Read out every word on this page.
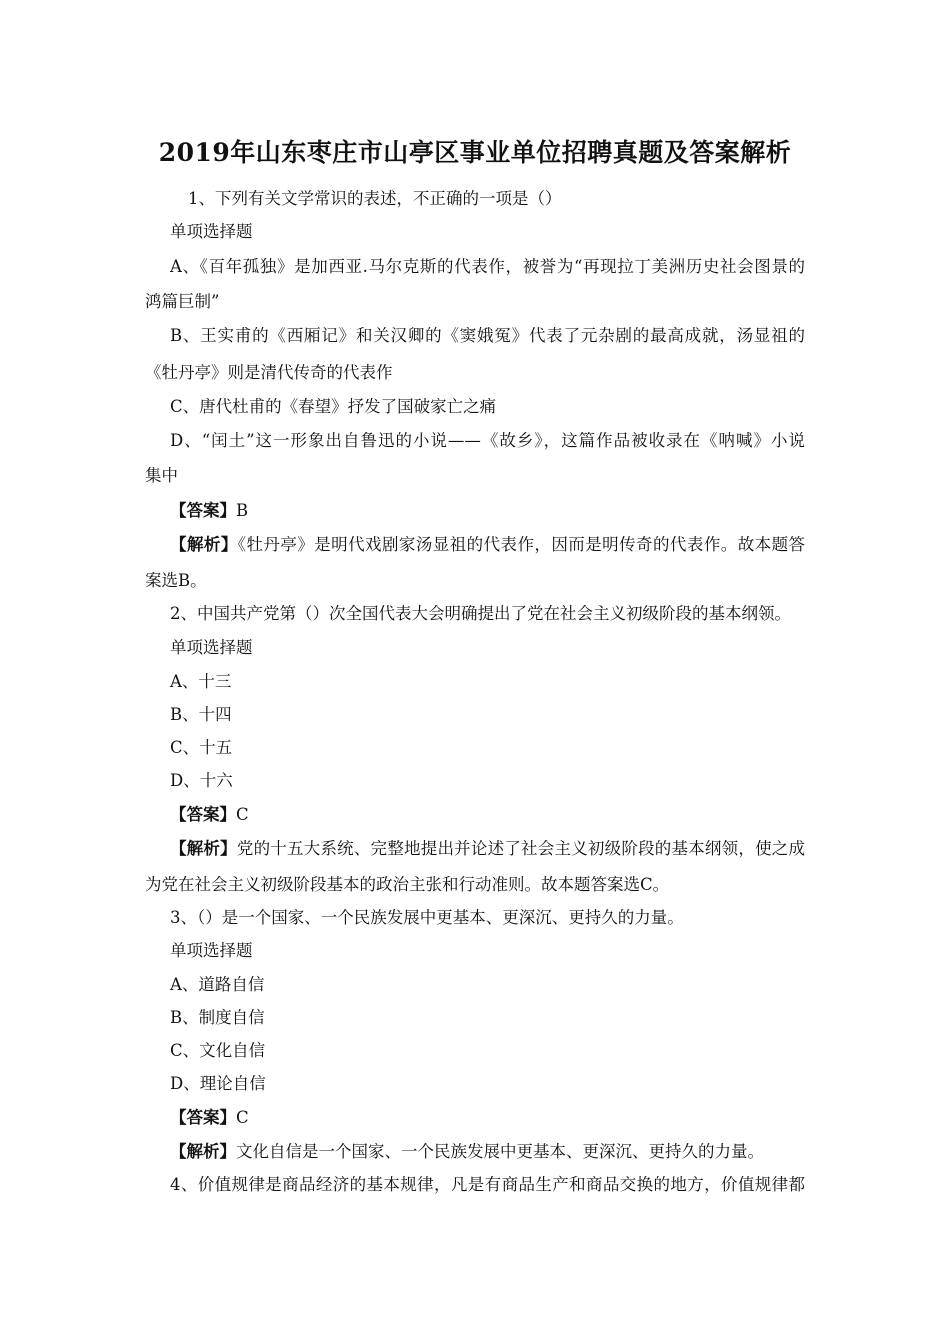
2019年山东枣庄市山亭区事业单位招聘真题及答案解析
1、下列有关文学常识的表述，不正确的一项是（）
单项选择题
A、《百年孤独》是加西亚.马尔克斯的代表作，被誉为“再现拉丁美洲历史社会图景的
鸿篇巨制”
B、王实甫的《西厢记》和关汉卿的《窦娥冤》代表了元杂剧的最高成就，汤显祖的
《牡丹亭》则是清代传奇的代表作
C、唐代杜甫的《春望》抒发了国破家亡之痛
D、“闰土”这一形象出自鲁迅的小说——《故乡》，这篇作品被收录在《呐喊》小说
集中
【答案】B
【解析】《牡丹亭》是明代戏剧家汤显祖的代表作，因而是明传奇的代表作。故本题答
案选B。
2、中国共产党第（）次全国代表大会明确提出了党在社会主义初级阶段的基本纲领。
单项选择题
A、十三
B、十四
C、十五
D、十六
【答案】C
【解析】党的十五大系统、完整地提出并论述了社会主义初级阶段的基本纲领，使之成
为党在社会主义初级阶段基本的政治主张和行动准则。故本题答案选C。
3、（）是一个国家、一个民族发展中更基本、更深沉、更持久的力量。
单项选择题
A、道路自信
B、制度自信
C、文化自信
D、理论自信
【答案】C
【解析】文化自信是一个国家、一个民族发展中更基本、更深沉、更持久的力量。
4、价值规律是商品经济的基本规律，凡是有商品生产和商品交换的地方，价值规律都
